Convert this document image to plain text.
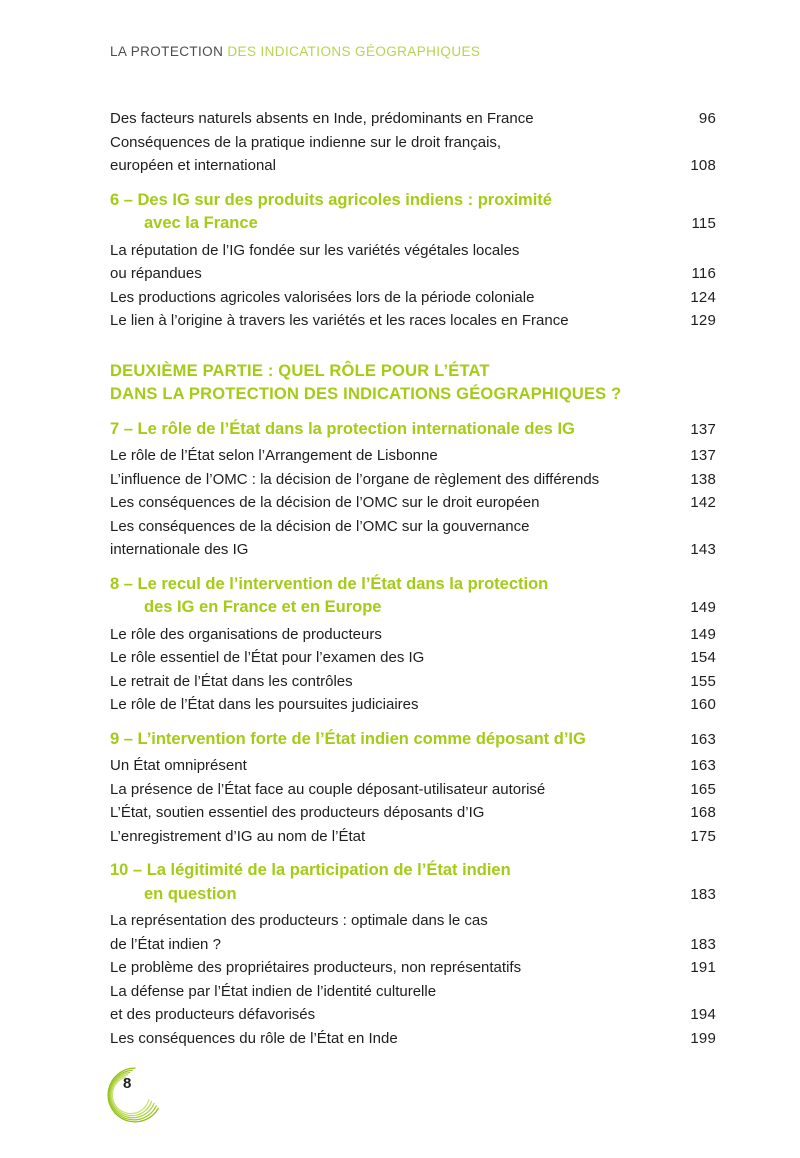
LA PROTECTION DES INDICATIONS GÉOGRAPHIQUES
Des facteurs naturels absents en Inde, prédominants en France	96
Conséquences de la pratique indienne sur le droit français,
européen et international	108
6 – Des IG sur des produits agricoles indiens : proximité
avec la France	115
La réputation de l’IG fondée sur les variétés végétales locales
ou répandues	116
Les productions agricoles valorisées lors de la période coloniale	124
Le lien à l’origine à travers les variétés et les races locales en France	129
DEUXIÈME PARTIE : QUEL RÔLE POUR L’ÉTAT
DANS LA PROTECTION DES INDICATIONS GÉOGRAPHIQUES ?
7 – Le rôle de l’État dans la protection internationale des IG	137
Le rôle de l’État selon l’Arrangement de Lisbonne	137
L’influence de l’OMC : la décision de l’organe de règlement des différends	138
Les conséquences de la décision de l’OMC sur le droit européen	142
Les conséquences de la décision de l’OMC sur la gouvernance
internationale des IG	143
8 – Le recul de l’intervention de l’État dans la protection
des IG en France et en Europe	149
Le rôle des organisations de producteurs	149
Le rôle essentiel de l’État pour l’examen des IG	154
Le retrait de l’État dans les contrôles	155
Le rôle de l’État dans les poursuites judiciaires	160
9 – L’intervention forte de l’État indien comme déposant d’IG	163
Un État omniprésent	163
La présence de l’État face au couple déposant-utilisateur autorisé	165
L’État, soutien essentiel des producteurs déposants d’IG	168
L’enregistrement d’IG au nom de l’État	175
10 – La légitimité de la participation de l’État indien
en question	183
La représentation des producteurs : optimale dans le cas
de l’État indien ?	183
Le problème des propriétaires producteurs, non représentatifs	191
La défense par l’État indien de l’identité culturelle
et des producteurs défavorisés	194
Les conséquences du rôle de l’État en Inde	199
8
